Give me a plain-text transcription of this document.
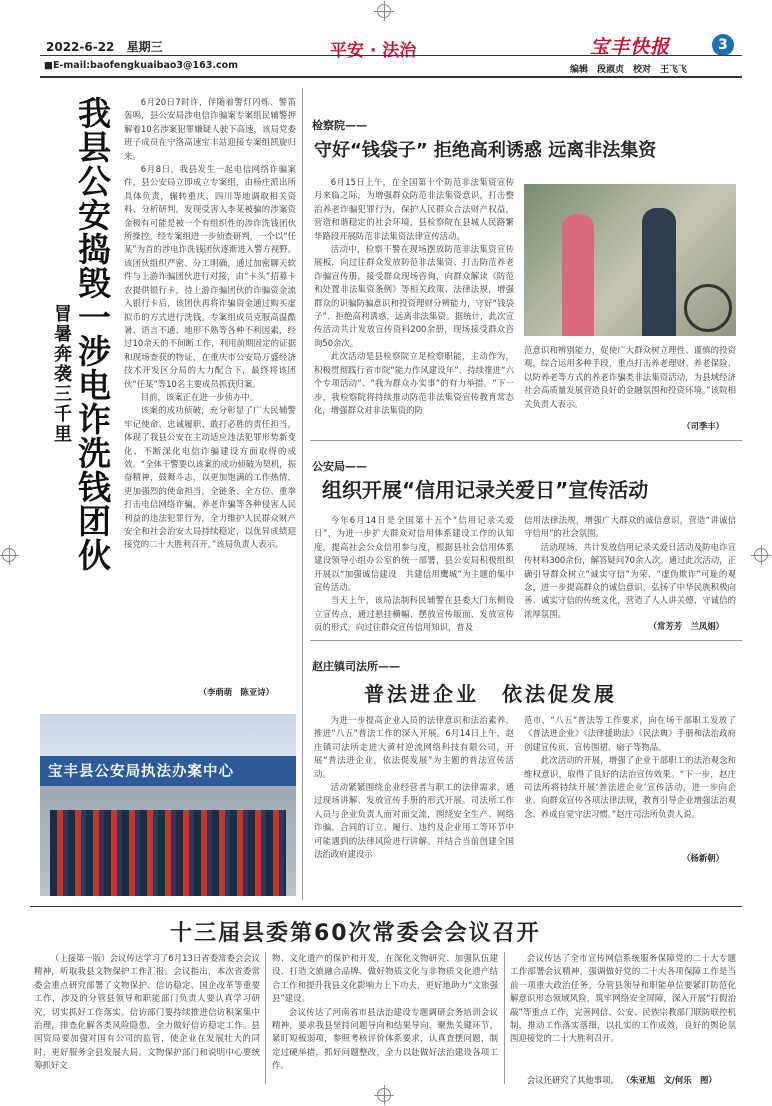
2022-6-22 星期三
■E-mail:baofengkuaibao3@163.com
平安 · 法治	宝丰快报	3
编辑　段淑贞　校对　王飞飞
我县公安捣毁一涉电诈洗钱团伙
冒暑奔袭三千里

6月20日7时许，伴随着警灯闪烁、警笛轰鸣，县公安局涉电信诈骗案专案组民辅警押解着10名涉案犯罪嫌疑人驶下高速，该局党委班子成员在宁洛高速宝丰站迎接专案组凯旋归来。

6月8日，我县发生一起电信网络诈骗案件，县公安局立即成立专案组，由杨庄派出所具体负责，辗转重庆、四川等地调取相关资料、分析研判，发现受害人李某被骗的涉案资金极有可能是被一个有组织性的涉诈洗钱团伙所操控。经专案组进一步侦查研判，一个以“任某”为首的涉电诈洗钱团伙逐渐进入警方视野。该团伙组织严密、分工明确，通过加密聊天软件与上游诈骗团伙进行对接，由“卡头”招募卡农提供银行卡，待上游诈骗团伙的诈骗资金流入银行卡后，该团伙再将诈骗资金通过购买虚拟币的方式进行洗钱。专案组成员克服高温酷暑、语言不通、地形不熟等各种不利因素，经过10余天的不间断工作，利用前期固定的证据和现场查获的物证，在重庆市公安局万盛经济技术开发区分局的大力配合下，最终将该团伙“任某”等10名主要成员抓获归案。

目前，该案正在进一步侦办中。

该案的成功侦破，充分彰显了广大民辅警牢记使命、忠诚履职、敢打必胜的责任担当，体现了我县公安在主动适应违法犯罪形势新变化、不断深化电信诈骗建设方面取得的成效。“全体干警要以该案的成功侦破为契机，振奋精神，鼓舞斗志，以更加饱满的工作热情，更加强烈的使命担当，全链条、全方位、重拳打击电信网络诈骗，养老诈骗等各种侵害人民利益的违法犯罪行为，全力维护人民群众财产安全和社会治安大局持续稳定，以优异成绩迎接党的二十大胜利召开。”该局负责人表示。

（李萌萌　陈亚诗）
宝丰县公安局执法办案中心
检察院——
守好“钱袋子” 拒绝高利诱惑 远离非法集资

6月15日上午，在全国第十个防范非法集资宣传月来临之际，为增强群众防范非法集资意识，打击整治养老诈骗犯罪行为，保护人民群众合法财产权益，营造和谐稳定的社会环境，县检察院在县城人民路繁华路段开展防范非法集资法律宣传活动。

活动中，检察干警在现场摆放防范非法集资宣传展板，向过往群众发放防范非法集资、打击防范养老诈骗宣传册，接受群众现场咨询，向群众解读《防范和处置非法集资条例》等相关政策、法律法规，增强群众的识骗防骗意识和投资理财分辨能力，守好“钱袋子”、拒绝高利诱惑，远离非法集资。据统计，此次宣传活动共计发放宣传资料200余册，现场接受群众咨询50余次。

此次活动是县检察院立足检察职能，主动作为，积极贯彻践行省市院“能力作风建设年”、持续推进“六个专项活动”、“我为群众办实事”的有力举措。“下一步，我检察院将持续推动防范非法集资宣传教育常态化，增强群众对非法集资的防

范意识和辨别能力，促使广大群众树立理性、谨慎的投资观，综合运用多种手段，重点打击养老理财、养老保险、以防养老等方式的养老诈骗类非法集资活动，为县域经济社会高质量发展营造良好的金融氛围和投资环境。”该院相关负责人表示。

（司季丰）
公安局——
组织开展“信用记录关爱日”宣传活动

今年6月14日是全国第十五个“信用记录关爱日”，为进一步扩大群众对信用体系建设工作的认知度，提高社会公众信用参与度，根据县社会信用体系建设领导小组办公室的统一部署，县公安局积极组织开展以“加强诚信建设　共建信用鹰城”为主题的集中宣传活动。

当天上午，该局法制科民辅警在县委大门东侧设立宣传点，通过悬挂横幅、摆放宣传版面、发放宣传页的形式，向过往群众宣传信用知识，普及

信用法律法规，增强广大群众的诚信意识，营造“讲诚信　守信用”的社会氛围。

活动现场，共计发放信用记录关爱日活动及防电诈宣传材料300余份，解答疑问70余人次。通过此次活动，正确引导群众树立“诚实守信”为荣、“虚伪欺诈”可耻的观念，进一步提高群众的诚信意识，弘扬了中华民族积极向善、诚实守信的传统文化，营造了人人讲关德、守诚信的浓厚氛围。

（常芳芳　兰凤娟）
赵庄镇司法所——
普法进企业　依法促发展

为进一步提高企业人员的法律意识和法治素养，推进“八五”普法工作的深入开展。6月14日上午，赵庄镇司法所走进大黄村逆流网络科技有限公司，开展“普法进企业，依法促发展”为主题的普法宣传活动。

活动紧紧围绕企业经营者与职工的法律需求，通过现场讲解、发放宣传手册的形式开展。司法所工作人员与企业负责人面对面交流，围绕安全生产、网络诈骗、合同的订立、履行、违约及企业用工等环节中可能遇到的法律风险进行讲解。并结合当前创建全国法治政府建设示

范市、“八五”普法等工作要求，向在场干部职工发放了《普法进企业》《法律援助法》《民法典》手册和法治政府创建宣传页、宣传围裙、扇子等物品。

此次活动的开展，增强了企业干部职工的法治观念和维权意识，取得了良好的法治宣传效果。“下一步，赵庄司法所将持续开展‘普法进企业’宣传活动，进一步向企业、向群众宣传各项法律法规，教育引导企业增强法治观念、养成自觉守法习惯。”赵庄司法所负责人说。

（杨新朝）
十三届县委第60次常委会会议召开

（上接第一版）会议传达学习了6月13日省委常委会会议精神，听取我县文物保护工作汇报。会议指出，本次省委常委会重点研究部署了文物保护、信访稳定、国企改革等重要工作，涉及的分管县领导和职能部门负责人要认真学习研究，切实抓好工作落实。信访部门要持续推进信访积案集中治理，排查化解各类风险隐患，全力做好信访稳定工作。县国资局要加强对国有公司的监管，使企业在发展壮大的同时，更好服务全县发展大局。文物保护部门和说明中心要统筹抓好文

物、文化遗产的保护和开发，在深化文物研究、加强队伍建设、打造文旅融合品牌、做好物质文化与非物质文化遗产结合工作和提升我县文化影响力上下功夫，更好地助力“文旅强县”建设。

会议传达了河南省市县法治建设专题调研会务培训会议精神，要求我县坚持问题导向和结果导向，聚焦关键环节，紧盯短板弱项，参照考核评价体系要求，认真查摆问题，制定过硬举措，抓好问题整改，全力以赴做好法治建设各项工作。

会议传达了全市宣传网信系统服务保障党的二十大专题工作部署会议精神，强调做好党的二十大各项保障工作是当前一项重大政治任务。分管县领导和职能单位要紧盯防范化解意识形态领域风险，筑牢网络安全屏障，深入开展“打假治敲”等重点工作，完善网信、公安、民族宗教部门联防联控机制，推动工作落实落细，以扎实的工作成效，良好的舆论氛围迎接党的二十大胜利召开。

会议还研究了其他事项。 （朱亚旭　文/何乐　图）
